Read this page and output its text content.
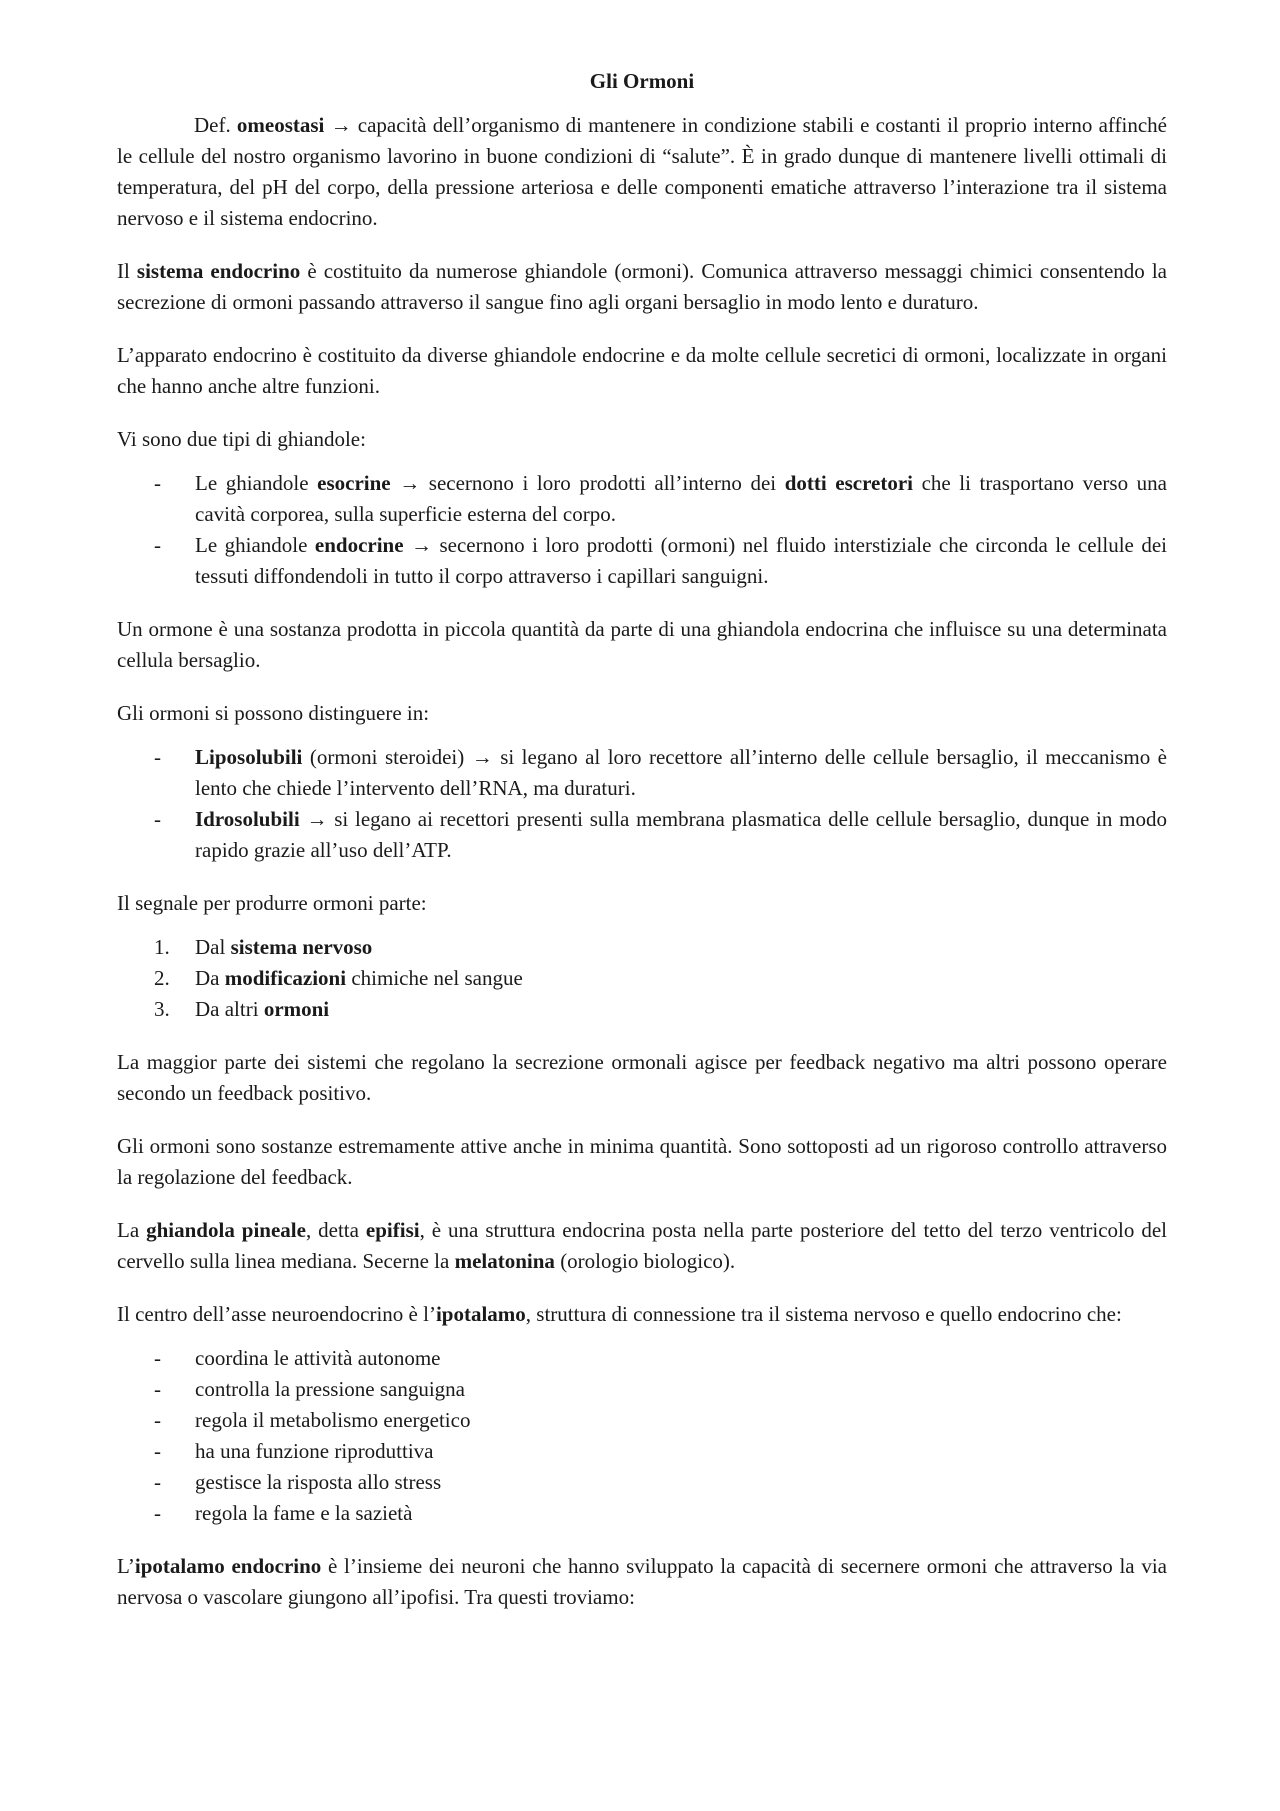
Gli Ormoni

Def. omeostasi → capacità dell’organismo di mantenere in condizione stabili e costanti il proprio interno affinché le cellule del nostro organismo lavorino in buone condizioni di “salute”. È in grado dunque di mantenere livelli ottimali di temperatura, del pH del corpo, della pressione arteriosa e delle componenti ematiche attraverso l’interazione tra il sistema nervoso e il sistema endocrino.

Il sistema endocrino è costituito da numerose ghiandole (ormoni). Comunica attraverso messaggi chimici consentendo la secrezione di ormoni passando attraverso il sangue fino agli organi bersaglio in modo lento e duraturo.

L’apparato endocrino è costituito da diverse ghiandole endocrine e da molte cellule secretici di ormoni, localizzate in organi che hanno anche altre funzioni.

Vi sono due tipi di ghiandole:

- Le ghiandole esocrine → secernono i loro prodotti all’interno dei dotti escretori che li trasportano verso una cavità corporea, sulla superficie esterna del corpo.
- Le ghiandole endocrine → secernono i loro prodotti (ormoni) nel fluido interstiziale che circonda le cellule dei tessuti diffondendoli in tutto il corpo attraverso i capillari sanguigni.

Un ormone è una sostanza prodotta in piccola quantità da parte di una ghiandola endocrina che influisce su una determinata cellula bersaglio.

Gli ormoni si possono distinguere in:

- Liposolubili (ormoni steroidei) → si legano al loro recettore all’interno delle cellule bersaglio, il meccanismo è lento che chiede l’intervento dell’RNA, ma duraturi.
- Idrosolubili → si legano ai recettori presenti sulla membrana plasmatica delle cellule bersaglio, dunque in modo rapido grazie all’uso dell’ATP.

Il segnale per produrre ormoni parte:

1. Dal sistema nervoso
2. Da modificazioni chimiche nel sangue
3. Da altri ormoni

La maggior parte dei sistemi che regolano la secrezione ormonali agisce per feedback negativo ma altri possono operare secondo un feedback positivo.

Gli ormoni sono sostanze estremamente attive anche in minima quantità. Sono sottoposti ad un rigoroso controllo attraverso la regolazione del feedback.

La ghiandola pineale, detta epifisi, è una struttura endocrina posta nella parte posteriore del tetto del terzo ventricolo del cervello sulla linea mediana. Secerne la melatonina (orologio biologico).

Il centro dell’asse neuroendocrino è l’ipotalamo, struttura di connessione tra il sistema nervoso e quello endocrino che:

- coordina le attività autonome
- controlla la pressione sanguigna
- regola il metabolismo energetico
- ha una funzione riproduttiva
- gestisce la risposta allo stress
- regola la fame e la sazietà

L’ipotalamo endocrino è l’insieme dei neuroni che hanno sviluppato la capacità di secernere ormoni che attraverso la via nervosa o vascolare giungono all’ipofisi. Tra questi troviamo:
